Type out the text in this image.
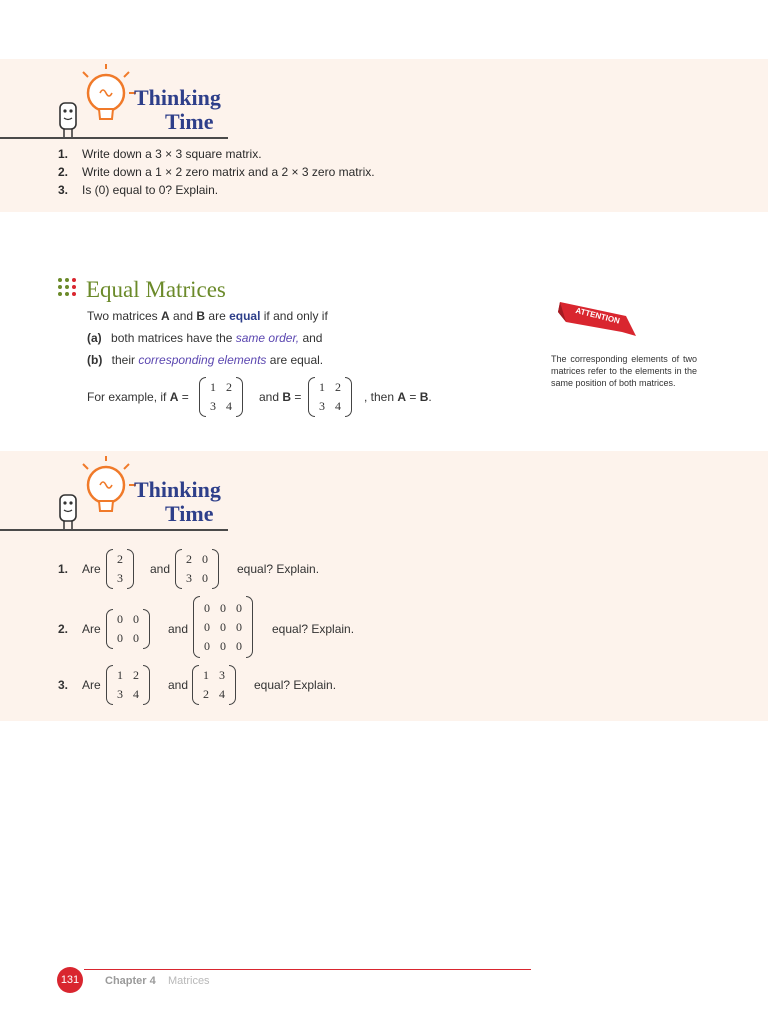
Thinking
Time
1. Write down a 3 × 3 square matrix.
2. Write down a 1 × 2 zero matrix and a 2 × 3 zero matrix.
3. Is (0) equal to 0? Explain.
Equal Matrices
Two matrices A and B are equal if and only if
(a) both matrices have the same order, and
(b) their corresponding elements are equal.
For example, if A =
1 2
3 4
and B =
1 2
3 4
, then A = B.
ATTENTION
The corresponding elements of two matrices refer to the elements in the same position of both matrices.
Thinking
Time
1. Are
2
3
and
2 0
3 0
equal? Explain.
2. Are
0 0
0 0
and
0 0 0
0 0 0
0 0 0
equal? Explain.
3. Are
1 2
3 4
and
1 3
2 4
equal? Explain.
131	Chapter 4 Matrices
